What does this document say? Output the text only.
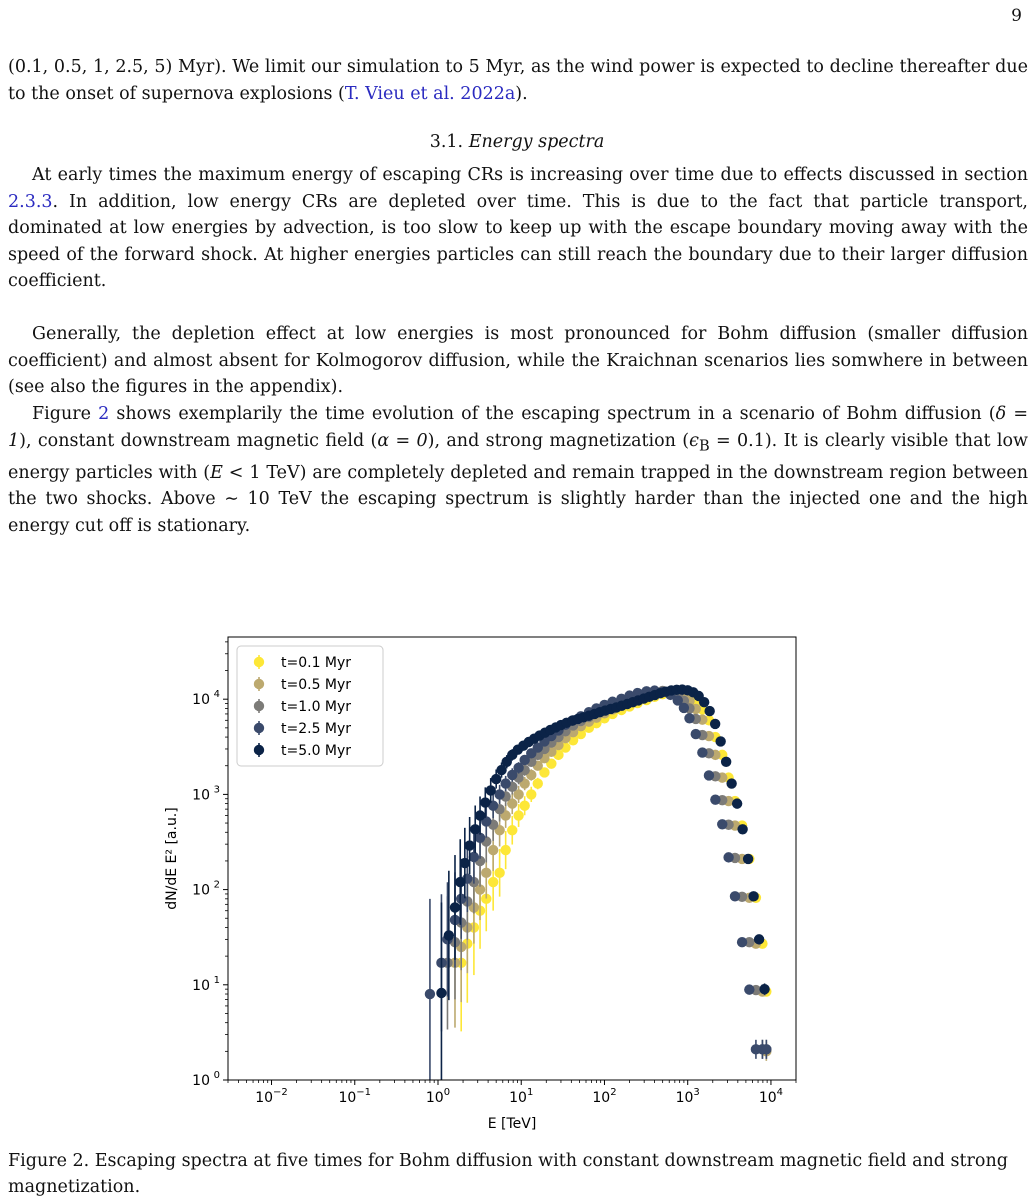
9
(0.1, 0.5, 1, 2.5, 5) Myr). We limit our simulation to 5 Myr, as the wind power is expected to decline thereafter due to the onset of supernova explosions (T. Vieu et al. 2022a).
3.1. Energy spectra
At early times the maximum energy of escaping CRs is increasing over time due to effects discussed in section 2.3.3. In addition, low energy CRs are depleted over time. This is due to the fact that particle transport, dominated at low energies by advection, is too slow to keep up with the escape boundary moving away with the speed of the forward shock. At higher energies particles can still reach the boundary due to their larger diffusion coefficient.
Generally, the depletion effect at low energies is most pronounced for Bohm diffusion (smaller diffusion coefficient) and almost absent for Kolmogorov diffusion, while the Kraichnan scenarios lies somwhere in between (see also the figures in the appendix).
Figure 2 shows exemplarily the time evolution of the escaping spectrum in a scenario of Bohm diffusion (δ = 1), constant downstream magnetic field (α = 0), and strong magnetization $(\epsilon_B = 0.1)$. It is clearly visible that low energy particles with (E < 1 TeV) are completely depleted and remain trapped in the downstream region between the two shocks. Above ∼ 10 TeV the escaping spectrum is slightly harder than the injected one and the high energy cut off is stationary.
$10^{-2}$	$10^{-1}$	$10^0$	$10^1$	$10^2$	$10^3$	$10^4$
10 0
10 1
10 2
10 3
10 4
E [TeV]
dN/dE E² [a.u.]
t=0.1 Myr
t=0.5 Myr
t=1.0 Myr
t=2.5 Myr
t=5.0 Myr
Figure 2. Escaping spectra at five times for Bohm diffusion with constant downstream magnetic field and strong magnetization.
